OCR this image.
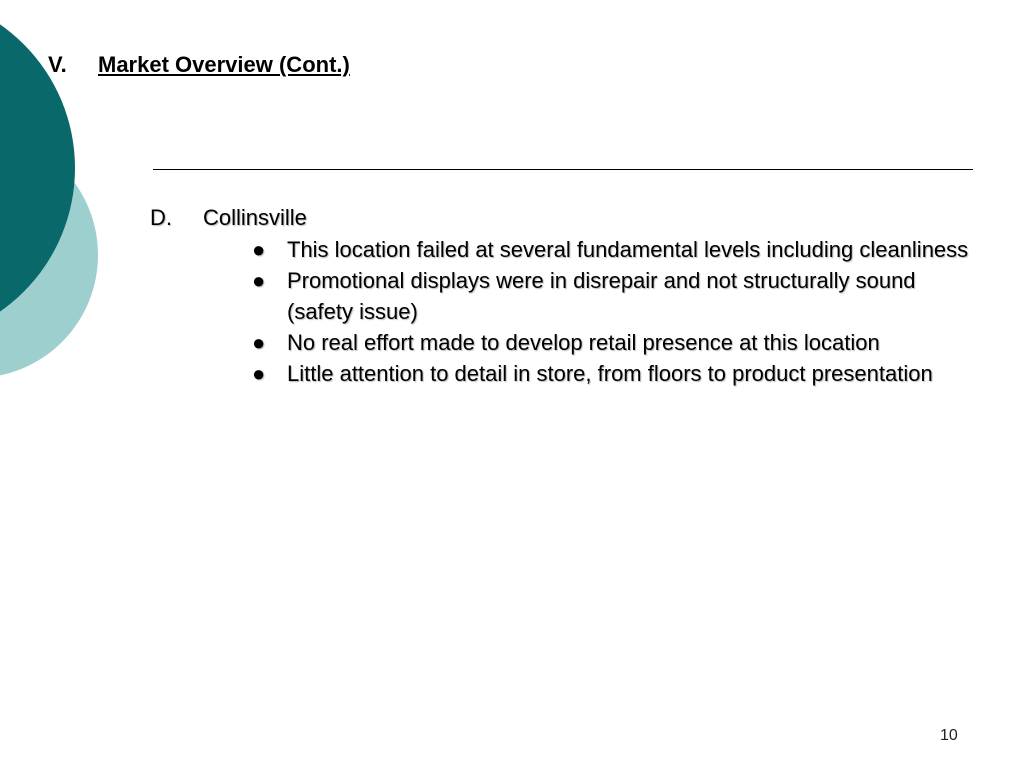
V. Market Overview (Cont.)
D. Collinsville
● This location failed at several fundamental levels including cleanliness
● Promotional displays were in disrepair and not structurally sound (safety issue)
● No real effort made to develop retail presence at this location
● Little attention to detail in store, from floors to product presentation
10
